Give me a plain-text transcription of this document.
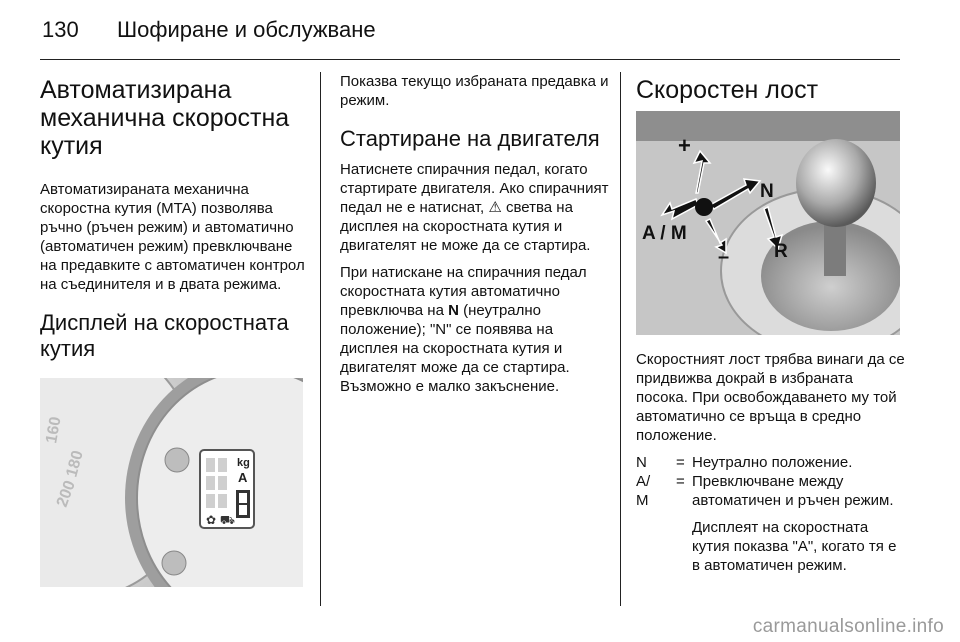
130 Шофиране и обслужване
Автоматизирана механична скоростна кутия

Автоматизираната механична скоростна кутия (MTA) позволява ръчно (ръчен режим) и автоматично (автоматичен режим) превключване на предавките с автоматичен контрол на съединителя и в двата режима.

Дисплей на скоростната кутия
160
180
200
kg
A
✿ ⛟

Показва текущо избраната предавка и режим.

Стартиране на двигателя

Натиснете спирачния педал, когато стартирате двигателя. Ако спирачният педал не е натиснат, ⚠ светва на дисплея на скоростната кутия и двигателят не може да се стартира.

При натискане на спирачния педал скоростната кутия автоматично превключва на N (неутрално положение); "N" се появява на дисплея на скоростната кутия и двигателят може да се стартира. Възможно е малко закъснение.

Скоростен лост
+
N
– R
A / M

Скоростният лост трябва винаги да се придвижва докрай в избраната посока. При освобождаването му той автоматично се връща в средно положение.

N	= Неутрално положение.
A/
M
= Превключване между автоматичен и ръчен режим.

Дисплеят на скоростната кутия показва "A", когато тя е в автоматичен режим.

carmanualsonline.info
